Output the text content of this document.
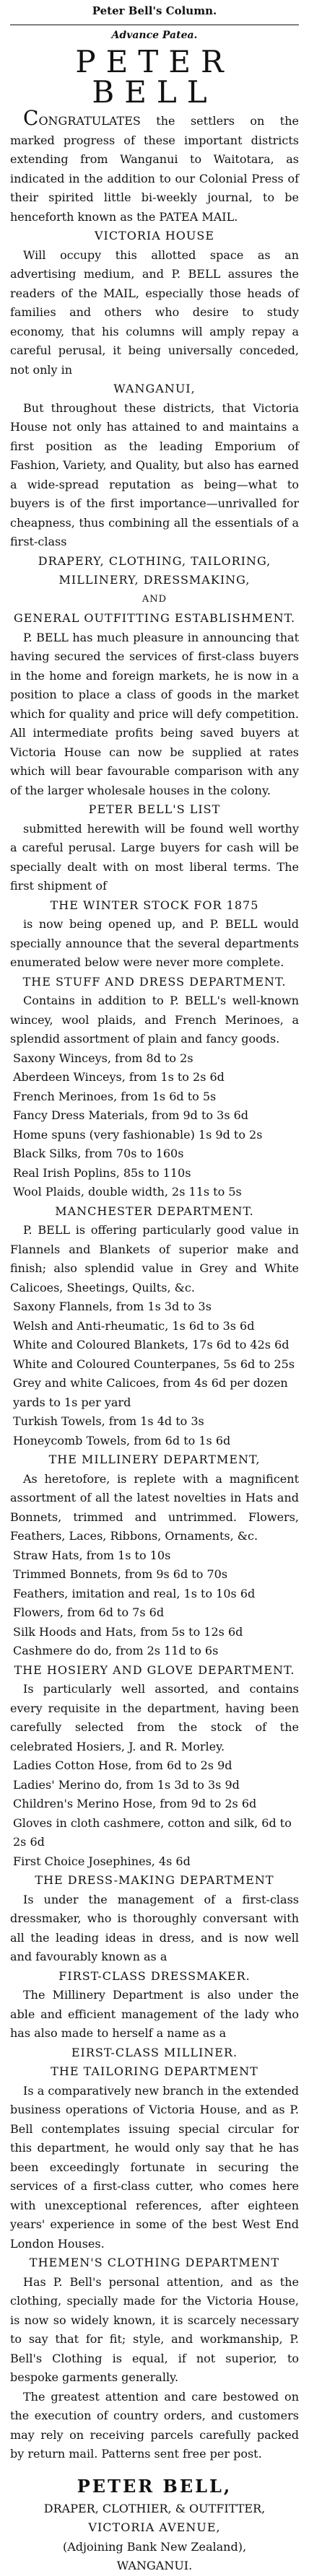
Peter Bell's Column.
Advance Patea.
PETER BELL

CONGRATULATES the settlers on the marked progress of these important districts extending from Wanganui to Waitotara, as indicated in the addition to our Colonial Press of their spirited little bi-weekly journal, to be henceforth known as the PATEA MAIL.

VICTORIA HOUSE

Will occupy this allotted space as an advertising medium, and P. BELL assures the readers of the MAIL, especially those heads of families and others who desire to study economy, that his columns will amply repay a careful perusal, it being universally conceded, not only in

WANGANUI,

But throughout these districts, that Victoria House not only has attained to and maintains a first position as the leading Emporium of Fashion, Variety, and Quality, but also has earned a wide-spread reputation as being—what to buyers is of the first importance—unrivalled for cheapness, thus combining all the essentials of a first-class

DRAPERY, CLOTHING, TAILORING, MILLINERY, DRESSMAKING,
AND
GENERAL OUTFITTING ESTABLISHMENT.

P. BELL has much pleasure in announcing that having secured the services of first-class buyers in the home and foreign markets, he is now in a position to place a class of goods in the market which for quality and price will defy competition. All intermediate profits being saved buyers at Victoria House can now be supplied at rates which will bear favourable comparison with any of the larger wholesale houses in the colony.

PETER BELL'S LIST

submitted herewith will be found well worthy a careful perusal. Large buyers for cash will be specially dealt with on most liberal terms. The first shipment of

THE WINTER STOCK FOR 1875

is now being opened up, and P. BELL would specially announce that the several departments enumerated below were never more complete.

THE STUFF AND DRESS DEPARTMENT.

Contains in addition to P. BELL's well-known wincey, wool plaids, and French Merinoes, a splendid assortment of plain and fancy goods.

Saxony Winceys, from 8d to 2s
Aberdeen Winceys, from 1s to 2s 6d
French Merinoes, from 1s 6d to 5s
Fancy Dress Materials, from 9d to 3s 6d
Home spuns (very fashionable) 1s 9d to 2s
Black Silks, from 70s to 160s
Real Irish Poplins, 85s to 110s
Wool Plaids, double width, 2s 11s to 5s
MANCHESTER DEPARTMENT.

P. BELL is offering particularly good value in Flannels and Blankets of superior make and finish; also splendid value in Grey and White Calicoes, Sheetings, Quilts, &c.

Saxony Flannels, from 1s 3d to 3s
Welsh and Anti-rheumatic, 1s 6d to 3s 6d
White and Coloured Blankets, 17s 6d to 42s 6d
White and Coloured Counterpanes, 5s 6d to 25s
Grey and white Calicoes, from 4s 6d per dozen yards to 1s per yard
Turkish Towels, from 1s 4d to 3s
Honeycomb Towels, from 6d to 1s 6d
THE MILLINERY DEPARTMENT,

As heretofore, is replete with a magnificent assortment of all the latest novelties in Hats and Bonnets, trimmed and untrimmed. Flowers, Feathers, Laces, Ribbons, Ornaments, &c.

Straw Hats, from 1s to 10s
Trimmed Bonnets, from 9s 6d to 70s
Feathers, imitation and real, 1s to 10s 6d
Flowers, from 6d to 7s 6d
Silk Hoods and Hats, from 5s to 12s 6d
Cashmere do do, from 2s 11d to 6s
THE HOSIERY AND GLOVE DEPARTMENT.

Is particularly well assorted, and contains every requisite in the department, having been carefully selected from the stock of the celebrated Hosiers, J. and R. Morley.

Ladies Cotton Hose, from 6d to 2s 9d
Ladies' Merino do, from 1s 3d to 3s 9d
Children's Merino Hose, from 9d to 2s 6d
Gloves in cloth cashmere, cotton and silk, 6d to 2s 6d
First Choice Josephines, 4s 6d
THE DRESS-MAKING DEPARTMENT

Is under the management of a first-class dressmaker, who is thoroughly conversant with all the leading ideas in dress, and is now well and favourably known as a

FIRST-CLASS DRESSMAKER.

The Millinery Department is also under the able and efficient management of the lady who has also made to herself a name as a

EIRST-CLASS MILLINER.
THE TAILORING DEPARTMENT

Is a comparatively new branch in the extended business operations of Victoria House, and as P. Bell contemplates issuing special circular for this department, he would only say that he has been exceedingly fortunate in securing the services of a first-class cutter, who comes here with unexceptional references, after eighteen years' experience in some of the best West End London Houses.

THEMEN'S CLOTHING DEPARTMENT

Has P. Bell's personal attention, and as the clothing, specially made for the Victoria House, is now so widely known, it is scarcely necessary to say that for fit; style, and workmanship, P. Bell's Clothing is equal, if not superior, to bespoke garments generally.

The greatest attention and care bestowed on the execution of country orders, and customers may rely on receiving parcels carefully packed by return mail. Patterns sent free per post.

PETER BELL,
DRAPER, CLOTHIER, & OUTFITTER,
VICTORIA AVENUE,
(Adjoining Bank New Zealand),
WANGANUI.
